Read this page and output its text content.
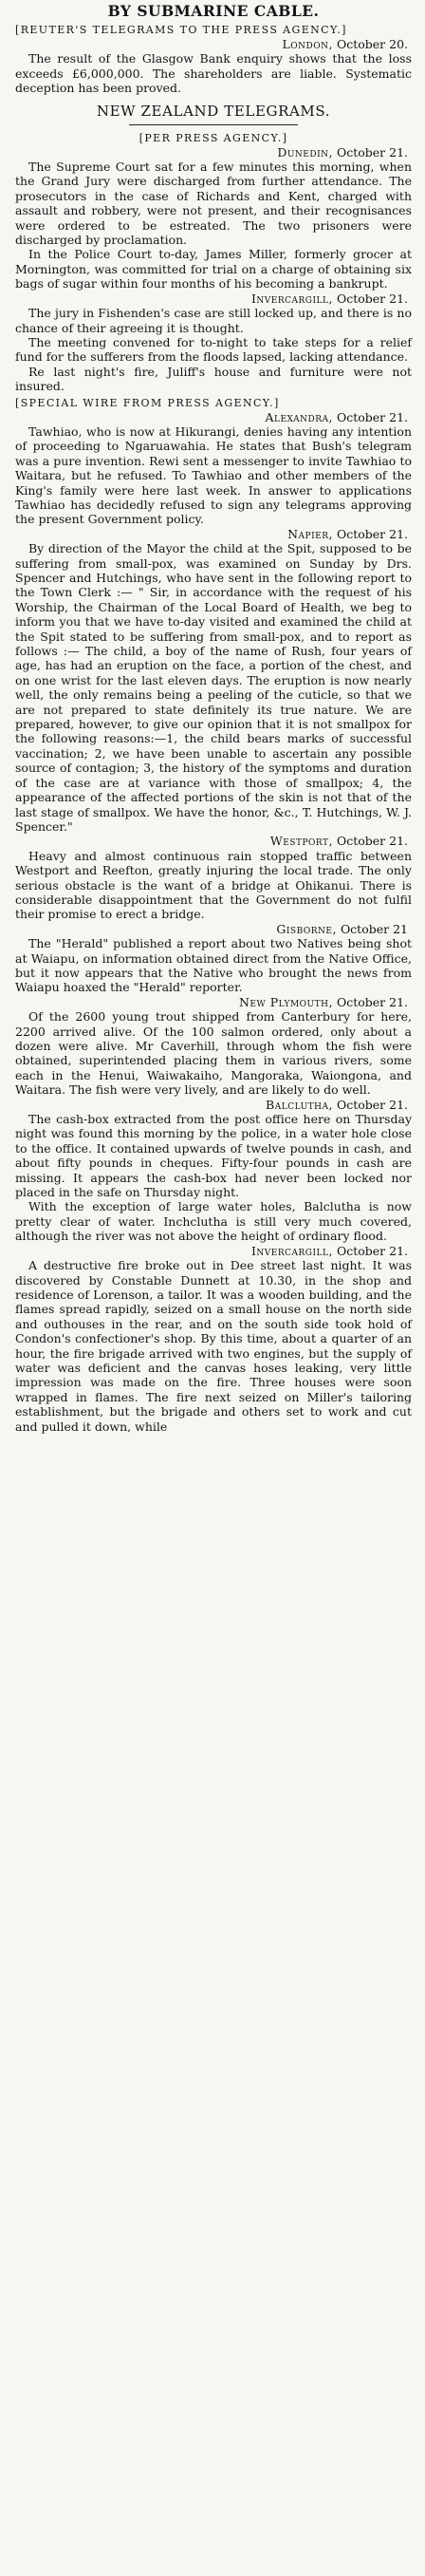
BY SUBMARINE CABLE.
[REUTER'S TELEGRAMS TO THE PRESS AGENCY.]
London, October 20.

The result of the Glasgow Bank enquiry shows that the loss exceeds £6,000,000. The shareholders are liable. Systematic deception has been proved.

NEW ZEALAND TELEGRAMS.
[PER PRESS AGENCY.]
Dunedin, October 21.

The Supreme Court sat for a few minutes this morning, when the Grand Jury were discharged from further attendance. The prosecutors in the case of Richards and Kent, charged with assault and robbery, were not present, and their recognisances were ordered to be estreated. The two prisoners were discharged by proclamation.

In the Police Court to-day, James Miller, formerly grocer at Mornington, was committed for trial on a charge of obtaining six bags of sugar within four months of his becoming a bankrupt.

Invercargill, October 21.

The jury in Fishenden's case are still locked up, and there is no chance of their agreeing it is thought.

The meeting convened for to-night to take steps for a relief fund for the sufferers from the floods lapsed, lacking attendance.

Re last night's fire, Juliff's house and furniture were not insured.

[SPECIAL WIRE FROM PRESS AGENCY.]
Alexandra, October 21.

Tawhiao, who is now at Hikurangi, denies having any intention of proceeding to Ngaruawahia. He states that Bush's telegram was a pure invention. Rewi sent a messenger to invite Tawhiao to Waitara, but he refused. To Tawhiao and other members of the King's family were here last week. In answer to applications Tawhiao has decidedly refused to sign any telegrams approving the present Government policy.

Napier, October 21.

By direction of the Mayor the child at the Spit, supposed to be suffering from small-pox, was examined on Sunday by Drs. Spencer and Hutchings, who have sent in the following report to the Town Clerk :— " Sir, in accordance with the request of his Worship, the Chairman of the Local Board of Health, we beg to inform you that we have to-day visited and examined the child at the Spit stated to be suffering from small-pox, and to report as follows :— The child, a boy of the name of Rush, four years of age, has had an eruption on the face, a portion of the chest, and on one wrist for the last eleven days. The eruption is now nearly well, the only remains being a peeling of the cuticle, so that we are not prepared to state definitely its true nature. We are prepared, however, to give our opinion that it is not smallpox for the following reasons:—1, the child bears marks of successful vaccination; 2, we have been unable to ascertain any possible source of contagion; 3, the history of the symptoms and duration of the case are at variance with those of smallpox; 4, the appearance of the affected portions of the skin is not that of the last stage of smallpox. We have the honor, &c., T. Hutchings, W. J. Spencer."

Westport, October 21.

Heavy and almost continuous rain stopped traffic between Westport and Reefton, greatly injuring the local trade. The only serious obstacle is the want of a bridge at Ohikanui. There is considerable disappointment that the Government do not fulfil their promise to erect a bridge.

Gisborne, October 21

The "Herald" published a report about two Natives being shot at Waiapu, on information obtained direct from the Native Office, but it now appears that the Native who brought the news from Waiapu hoaxed the "Herald" reporter.

New Plymouth, October 21.

Of the 2600 young trout shipped from Canterbury for here, 2200 arrived alive. Of the 100 salmon ordered, only about a dozen were alive. Mr Caverhill, through whom the fish were obtained, superintended placing them in various rivers, some each in the Henui, Waiwakaiho, Mangoraka, Waiongona, and Waitara. The fish were very lively, and are likely to do well.

Balclutha, October 21.

The cash-box extracted from the post office here on Thursday night was found this morning by the police, in a water hole close to the office. It contained upwards of twelve pounds in cash, and about fifty pounds in cheques. Fifty-four pounds in cash are missing. It appears the cash-box had never been locked nor placed in the safe on Thursday night.

With the exception of large water holes, Balclutha is now pretty clear of water. Inchclutha is still very much covered, although the river was not above the height of ordinary flood.

Invercargill, October 21.

A destructive fire broke out in Dee street last night. It was discovered by Constable Dunnett at 10.30, in the shop and residence of Lorenson, a tailor. It was a wooden building, and the flames spread rapidly, seized on a small house on the north side and outhouses in the rear, and on the south side took hold of Condon's confectioner's shop. By this time, about a quarter of an hour, the fire brigade arrived with two engines, but the supply of water was deficient and the canvas hoses leaking, very little impression was made on the fire. Three houses were soon wrapped in flames. The fire next seized on Miller's tailoring establishment, but the brigade and others set to work and cut and pulled it down, while
